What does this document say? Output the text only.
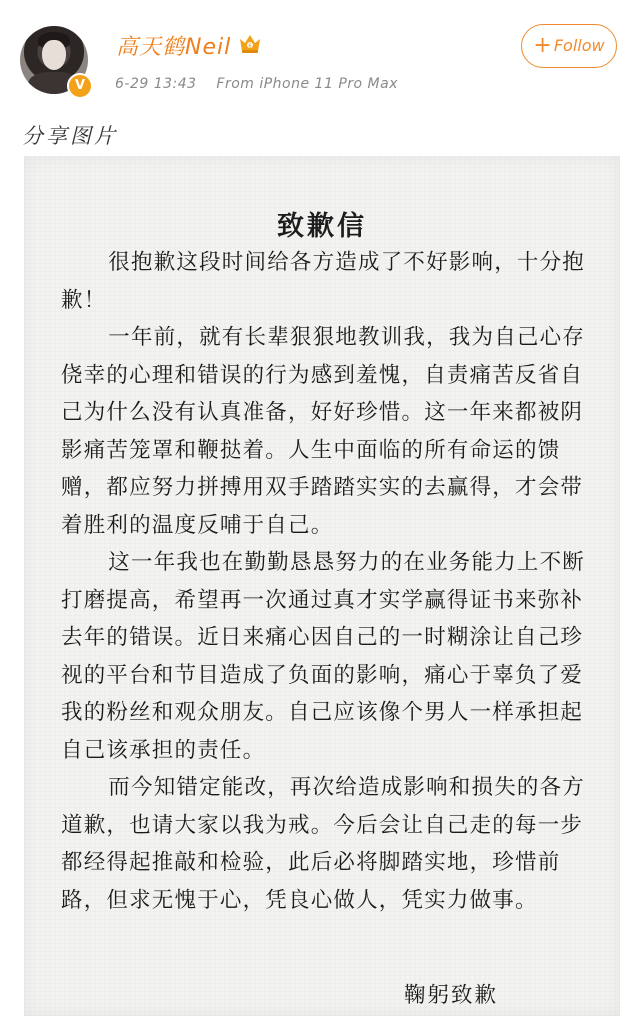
V
高天鹤Neil	6
6-29 13:43 From iPhone 11 Pro Max
+ Follow
分享图片
致歉信

很抱歉这段时间给各方造成了不好影响，十分抱歉！

一年前，就有长辈狠狠地教训我，我为自己心存侥幸的心理和错误的行为感到羞愧，自责痛苦反省自己为什么没有认真准备，好好珍惜。这一年来都被阴影痛苦笼罩和鞭挞着。人生中面临的所有命运的馈赠，都应努力拼搏用双手踏踏实实的去赢得，才会带着胜利的温度反哺于自己。

这一年我也在勤勤恳恳努力的在业务能力上不断打磨提高，希望再一次通过真才实学赢得证书来弥补去年的错误。近日来痛心因自己的一时糊涂让自己珍视的平台和节目造成了负面的影响，痛心于辜负了爱我的粉丝和观众朋友。自己应该像个男人一样承担起自己该承担的责任。

而今知错定能改，再次给造成影响和损失的各方道歉，也请大家以我为戒。今后会让自己走的每一步都经得起推敲和检验，此后必将脚踏实地，珍惜前路，但求无愧于心，凭良心做人，凭实力做事。

鞠躬致歉
